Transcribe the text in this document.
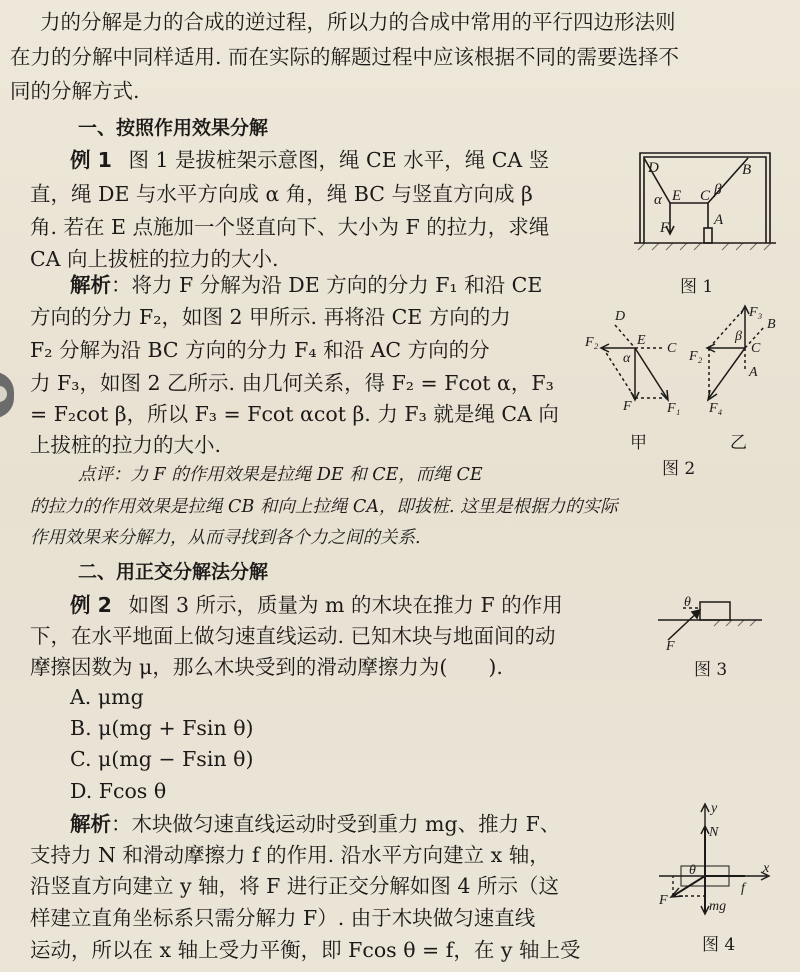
力的分解是力的合成的逆过程，所以力的合成中常用的平行四边形法则
在力的分解中同样适用. 而在实际的解题过程中应该根据不同的需要选择不
同的分解方式.
一、按照作用效果分解
例 1 图 1 是拔桩架示意图，绳 CE 水平，绳 CA 竖
直，绳 DE 与水平方向成 α 角，绳 BC 与竖直方向成 β
角. 若在 E 点施加一个竖直向下、大小为 F 的拉力，求绳
CA 向上拔桩的拉力的大小.
解析：将力 F 分解为沿 DE 方向的分力 F₁ 和沿 CE
方向的分力 F₂，如图 2 甲所示. 再将沿 CE 方向的力
F₂ 分解为沿 BC 方向的分力 F₄ 和沿 AC 方向的分
力 F₃，如图 2 乙所示. 由几何关系，得 F₂ = Fcot α，F₃
= F₂cot β，所以 F₃ = Fcot αcot β. 力 F₃ 就是绳 CA 向
上拔桩的拉力的大小.
点评：力 F 的作用效果是拉绳 DE 和 CE，而绳 CE
的拉力的作用效果是拉绳 CB 和向上拉绳 CA，即拔桩. 这里是根据力的实际
作用效果来分解力，从而寻找到各个力之间的关系.
二、用正交分解法分解
例 2 如图 3 所示，质量为 m 的木块在推力 F 的作用
下，在水平地面上做匀速直线运动. 已知木块与地面间的动
摩擦因数为 μ，那么木块受到的滑动摩擦力为(　　).
A. μmg
B. μ(mg + Fsin θ)
C. μ(mg − Fsin θ)
D. Fcos θ
解析：木块做匀速直线运动时受到重力 mg、推力 F、
支持力 N 和滑动摩擦力 f 的作用. 沿水平方向建立 x 轴，
沿竖直方向建立 y 轴，将 F 进行正交分解如图 4 所示（这
样建立直角坐标系只需分解力 F）. 由于木块做匀速直线
运动，所以在 x 轴上受力平衡，即 Fcos θ = f，在 y 轴上受
D	B
α E C β
A
F
图 1
D
F₂	E
C
α
F	F₁
F₃
B
F₂
C
β
A
F₄
甲	乙
图 2
θ
F
图 3
y
N
θ
F
f
x
mg
图 4
